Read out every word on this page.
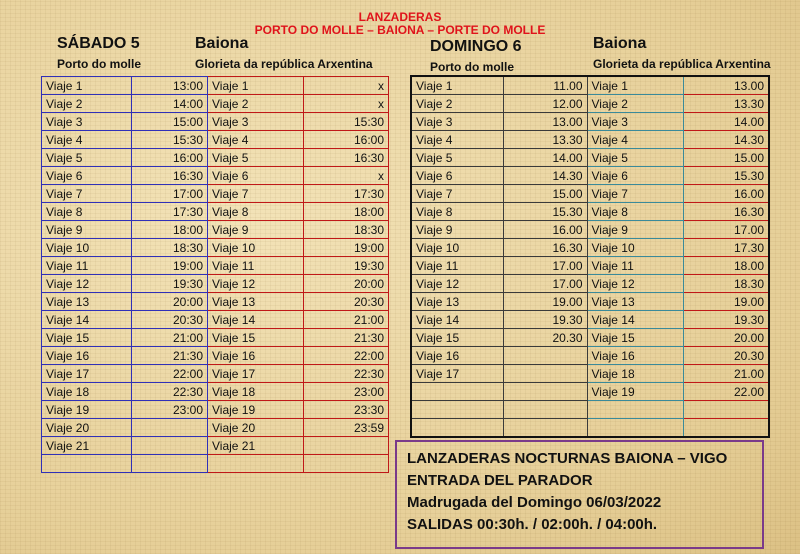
LANZADERAS
PORTO DO MOLLE – BAIONA – PORTE DO MOLLE
SÁBADO 5	Baiona
Porto do molle	Glorieta da república Arxentina
DOMINGO 6	Baiona
Porto do molle	Glorieta da república Arxentina
Viaje 1	13:00	Viaje 1	x
Viaje 2	14:00	Viaje 2	x
Viaje 3	15:00	Viaje 3	15:30
Viaje 4	15:30	Viaje 4	16:00
Viaje 5	16:00	Viaje 5	16:30
Viaje 6	16:30	Viaje 6	x
Viaje 7	17:00	Viaje 7	17:30
Viaje 8	17:30	Viaje 8	18:00
Viaje 9	18:00	Viaje 9	18:30
Viaje 10	18:30	Viaje 10	19:00
Viaje 11	19:00	Viaje 11	19:30
Viaje 12	19:30	Viaje 12	20:00
Viaje 13	20:00	Viaje 13	20:30
Viaje 14	20:30	Viaje 14	21:00
Viaje 15	21:00	Viaje 15	21:30
Viaje 16	21:30	Viaje 16	22:00
Viaje 17	22:00	Viaje 17	22:30
Viaje 18	22:30	Viaje 18	23:00
Viaje 19	23:00	Viaje 19	23:30
Viaje 20		Viaje 20	23:59
Viaje 21		Viaje 21	

Viaje 1	11.00	Viaje 1	13.00
Viaje 2	12.00	Viaje 2	13.30
Viaje 3	13.00	Viaje 3	14.00
Viaje 4	13.30	Viaje 4	14.30
Viaje 5	14.00	Viaje 5	15.00
Viaje 6	14.30	Viaje 6	15.30
Viaje 7	15.00	Viaje 7	16.00
Viaje 8	15.30	Viaje 8	16.30
Viaje 9	16.00	Viaje 9	17.00
Viaje 10	16.30	Viaje 10	17.30
Viaje 11	17.00	Viaje 11	18.00
Viaje 12	17.00	Viaje 12	18.30
Viaje 13	19.00	Viaje 13	19.00
Viaje 14	19.30	Viaje 14	19.30
Viaje 15	20.30	Viaje 15	20.00
Viaje 16		Viaje 16	20.30
Viaje 17		Viaje 18	21.00
		Viaje 19	22.00

LANZADERAS NOCTURNAS BAIONA – VIGO
ENTRADA DEL PARADOR
Madrugada del Domingo 06/03/2022
SALIDAS 00:30h. / 02:00h. / 04:00h.
